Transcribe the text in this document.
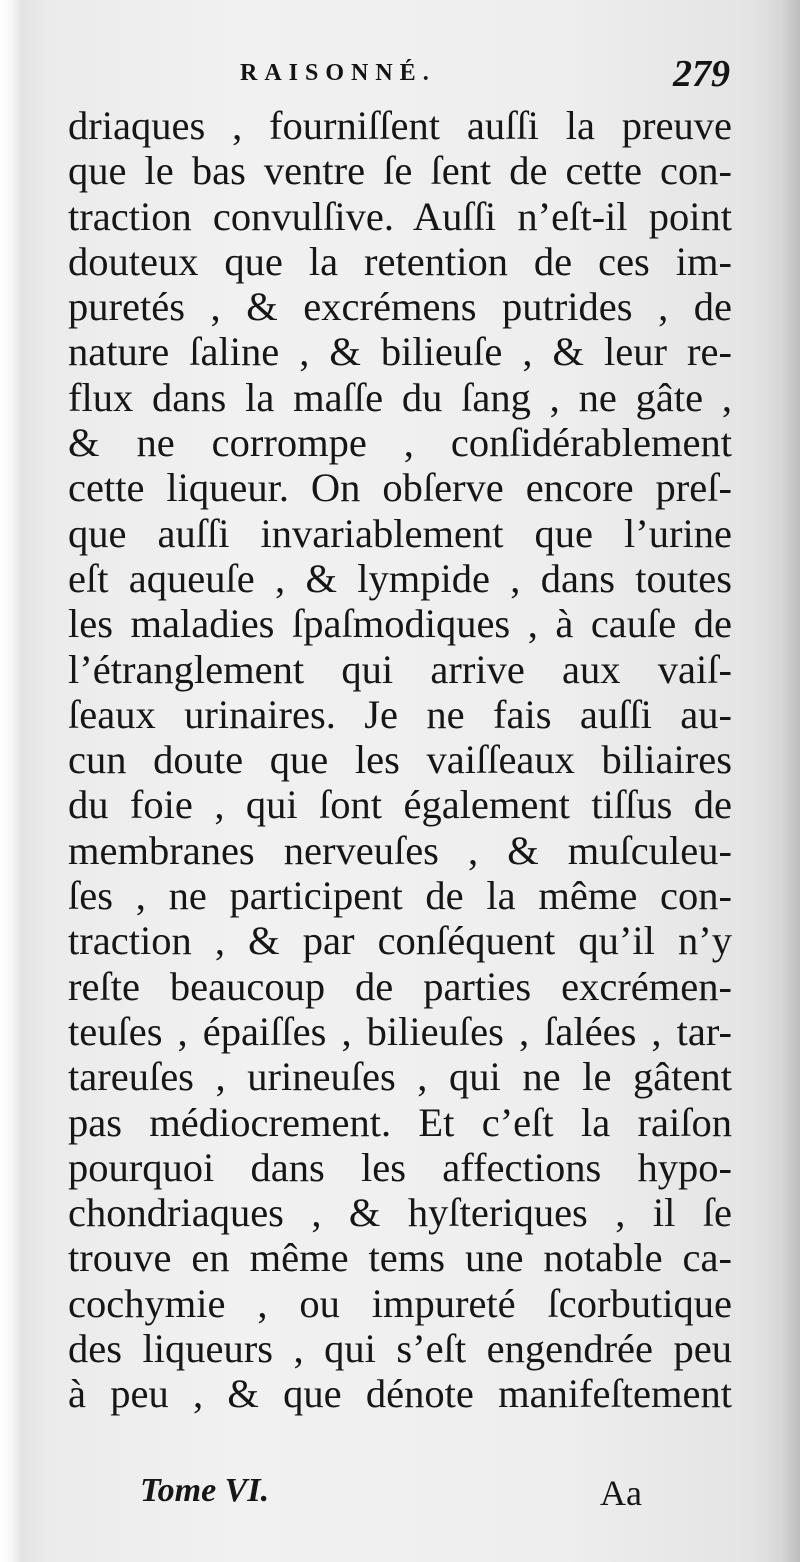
RAISONNÉ.	279
driaques , fourniſſent auſſi la preuve
que le bas ventre ſe ſent de cette con-
traction convulſive. Auſſi n’eſt-il point
douteux que la retention de ces im-
puretés , & excrémens putrides , de
nature ſaline , & bilieuſe , & leur re-
flux dans la maſſe du ſang , ne gâte ,
& ne corrompe , conſidérablement
cette liqueur. On obſerve encore preſ-
que auſſi invariablement que l’urine
eſt aqueuſe , & lympide , dans toutes
les maladies ſpaſmodiques , à cauſe de
l’étranglement qui arrive aux vaiſ-
ſeaux urinaires. Je ne fais auſſi au-
cun doute que les vaiſſeaux biliaires
du foie , qui ſont également tiſſus de
membranes nerveuſes , & muſculeu-
ſes , ne participent de la même con-
traction , & par conſéquent qu’il n’y
reſte beaucoup de parties excrémen-
teuſes , épaiſſes , bilieuſes , ſalées , tar-
tareuſes , urineuſes , qui ne le gâtent
pas médiocrement. Et c’eſt la raiſon
pourquoi dans les affections hypo-
chondriaques , & hyſteriques , il ſe
trouve en même tems une notable ca-
cochymie , ou impureté ſcorbutique
des liqueurs , qui s’eſt engendrée peu
à peu , & que dénote manifeſtement
Tome VI.	Aa
